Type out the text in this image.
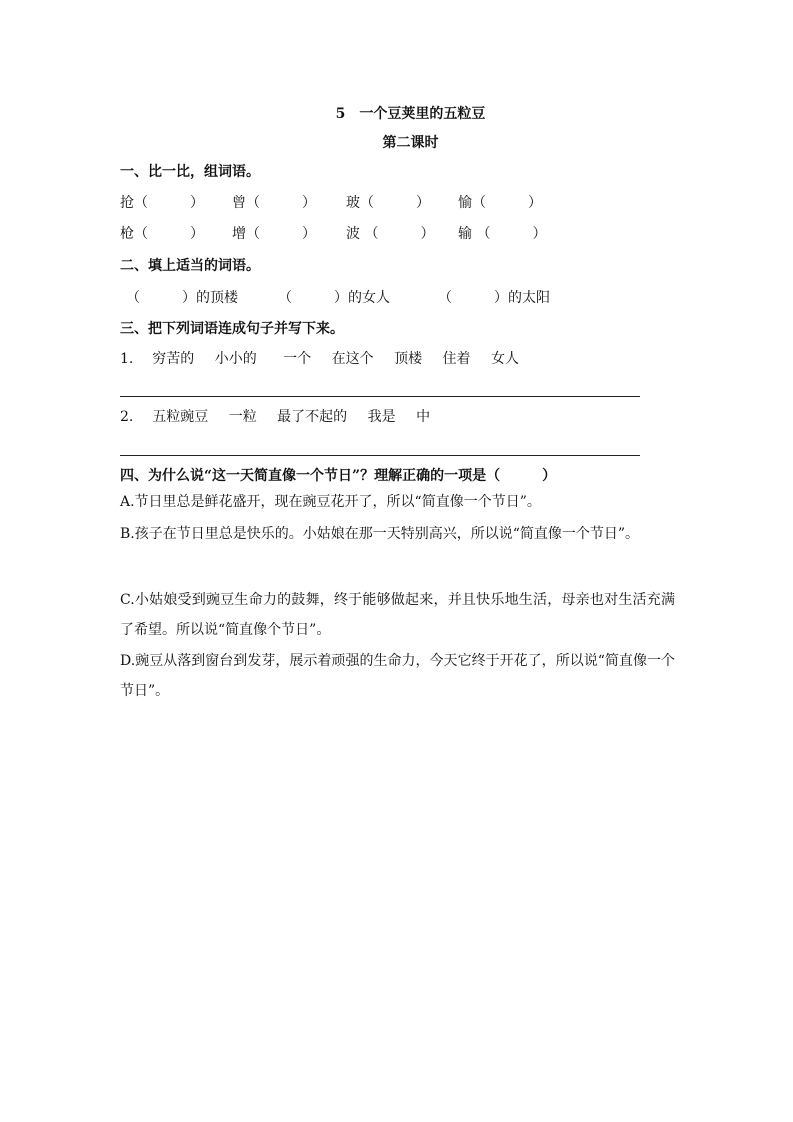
5　一个豆荚里的五粒豆
第二课时
一、比一比，组词语。
抢（　　　） 曾（　　　） 玻（　　　） 愉（　　　）
枪（　　　） 增（　　　） 波 （　　　） 输 （　　　）
二、填上适当的词语。
（　　　）的顶楼	（　　　）的女人	（　　　）的太阳
三、把下列词语连成句子并写下来。
1. 穷苦的 小小的 一个 在这个 顶楼 住着 女人
2. 五粒豌豆 一粒 最了不起的 我是 中
四、为什么说“这一天简直像一个节日”？理解正确的一项是（　　　）
A.节日里总是鲜花盛开，现在豌豆花开了，所以“简直像一个节日”。
B.孩子在节日里总是快乐的。小姑娘在那一天特别高兴，所以说“简直像一个节日”。
C.小姑娘受到豌豆生命力的鼓舞，终于能够做起来，并且快乐地生活，母亲也对生活充满了希望。所以说“简直像个节日”。
D.豌豆从落到窗台到发芽，展示着顽强的生命力，今天它终于开花了，所以说“简直像一个节日”。
